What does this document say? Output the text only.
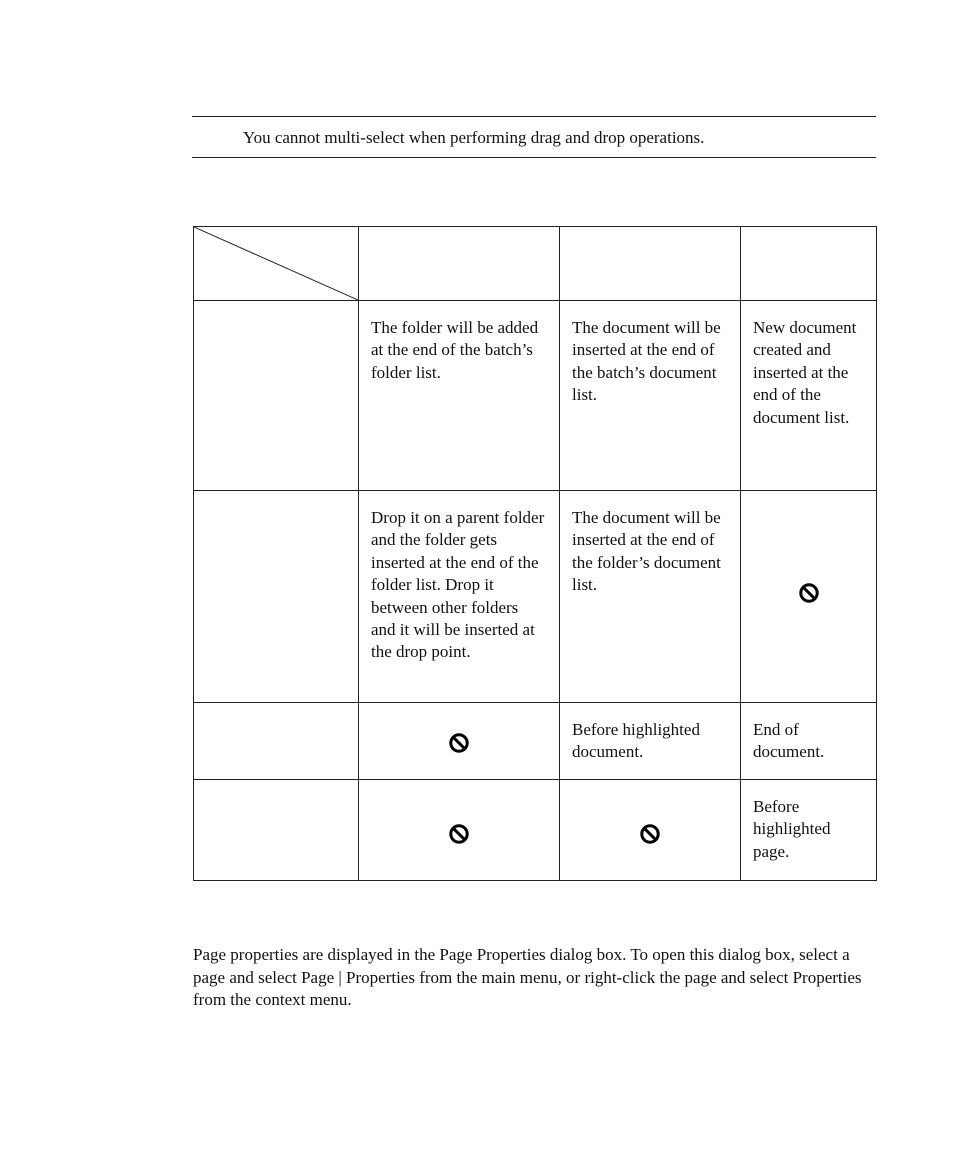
You cannot multi-select when performing drag and drop operations.

	The folder will be added at the end of the batch’s folder list.	The document will be inserted at the end of the batch’s document list.	New document created and inserted at the end of the document list.
	Drop it on a parent folder and the folder gets inserted at the end of the folder list. Drop it between other folders and it will be inserted at the drop point.	The document will be inserted at the end of the folder’s document list.	
		Before highlighted document.	End of document.
			Before highlighted page.
Page properties are displayed in the Page Properties dialog box. To open this dialog box, select a page and select Page | Properties from the main menu, or right-click the page and select Properties from the context menu.
